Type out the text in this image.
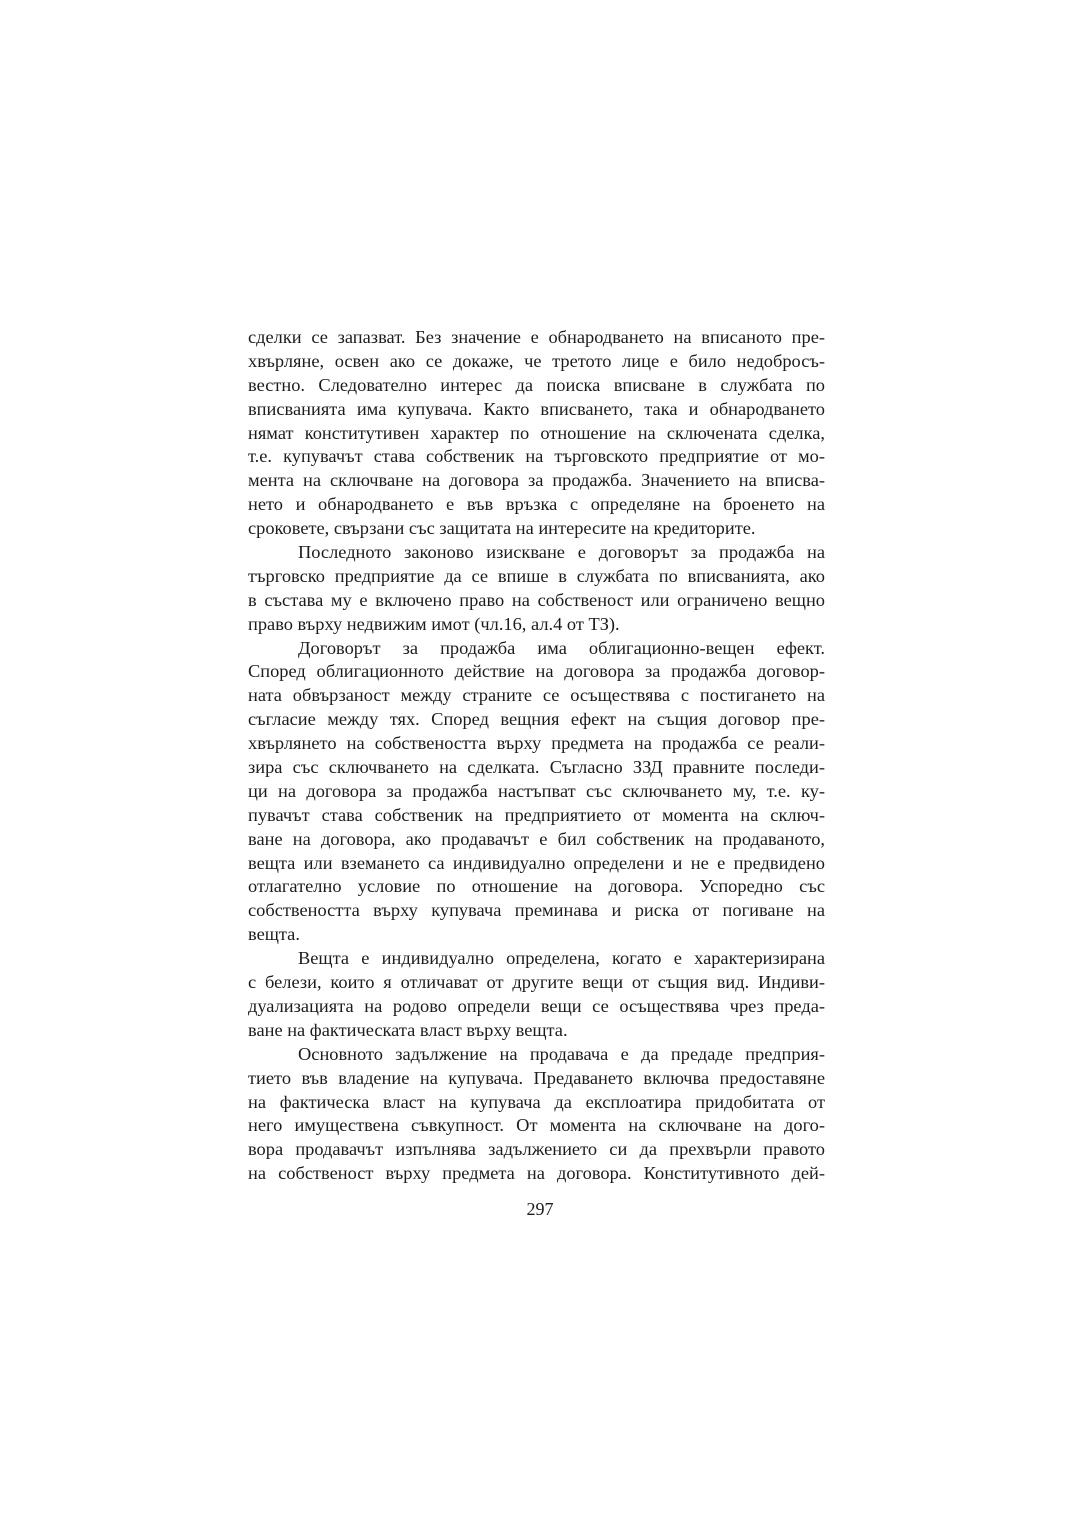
сделки се запазват. Без значение е обнародването на вписаното пре-
хвърляне, освен ако се докаже, че третото лице е било недобросъ-
вестно. Следователно интерес да поиска вписване в службата по
вписванията има купувача. Както вписването, така и обнародването
нямат конститутивен характер по отношение на сключената сделка,
т.е. купувачът става собственик на търговското предприятие от мо-
мента на сключване на договора за продажба. Значението на вписва-
нето и обнародването е във връзка с определяне на броенето на
сроковете, свързани със защитата на интересите на кредиторите.
Последното законово изискване е договорът за продажба на
търговско предприятие да се впише в службата по вписванията, ако
в състава му е включено право на собственост или ограничено вещно
право върху недвижим имот (чл.16, ал.4 от ТЗ).
Договорът за продажба има облигационно-вещен ефект.
Според облигационното действие на договора за продажба договор-
ната обвързаност между страните се осъществява с постигането на
съгласие между тях. Според вещния ефект на същия договор пре-
хвърлянето на собствеността върху предмета на продажба се реали-
зира със сключването на сделката. Съгласно ЗЗД правните последи-
ци на договора за продажба настъпват със сключването му, т.е. ку-
пувачът става собственик на предприятието от момента на сключ-
ване на договора, ако продавачът е бил собственик на продаваното,
вещта или вземането са индивидуално определени и не е предвидено
отлагателно условие по отношение на договора. Успоредно със
собствеността върху купувача преминава и риска от погиване на
вещта.
Вещта е индивидуално определена, когато е характеризирана
с белези, които я отличават от другите вещи от същия вид. Индиви-
дуализацията на родово определи вещи се осъществява чрез преда-
ване на фактическата власт върху вещта.
Основното задължение на продавача е да предаде предприя-
тието във владение на купувача. Предаването включва предоставяне
на фактическа власт на купувача да експлоатира придобитата от
него имуществена съвкупност. От момента на сключване на дого-
вора продавачът изпълнява задължението си да прехвърли правото
на собственост върху предмета на договора. Конститутивното дей-
297
